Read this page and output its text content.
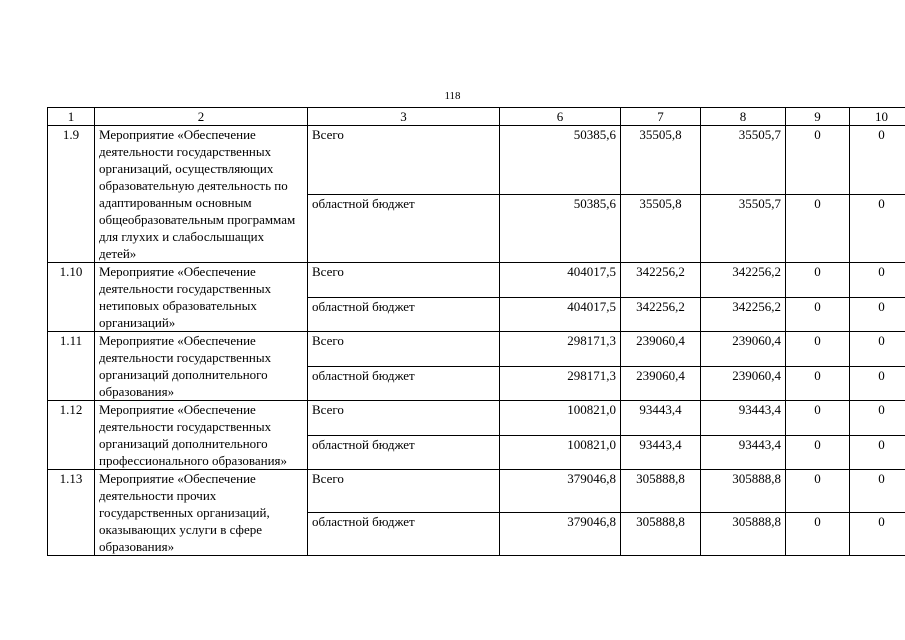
118
1	2	3	6	7	8	9	10
1.9	Мероприятие «Обеспечение деятельности государственных организаций, осуществляющих образовательную деятельность по адаптированным основным общеобразовательным программам для глухих и слабослышащих детей»	Всего	50385,6	35505,8	35505,7	0	0
		областной бюджет	50385,6	35505,8	35505,7	0	0
1.10	Мероприятие «Обеспечение деятельности государственных нетиповых образовательных организаций»	Всего	404017,5	342256,2	342256,2	0	0
		областной бюджет	404017,5	342256,2	342256,2	0	0
1.11	Мероприятие «Обеспечение деятельности государственных организаций дополнительного образования»	Всего	298171,3	239060,4	239060,4	0	0
		областной бюджет	298171,3	239060,4	239060,4	0	0
1.12	Мероприятие «Обеспечение деятельности государственных организаций дополнительного профессионального образования»	Всего	100821,0	93443,4	93443,4	0	0
		областной бюджет	100821,0	93443,4	93443,4	0	0
1.13	Мероприятие «Обеспечение деятельности прочих государственных организаций, оказывающих услуги в сфере образования»	Всего	379046,8	305888,8	305888,8	0	0
		областной бюджет	379046,8	305888,8	305888,8	0	0
